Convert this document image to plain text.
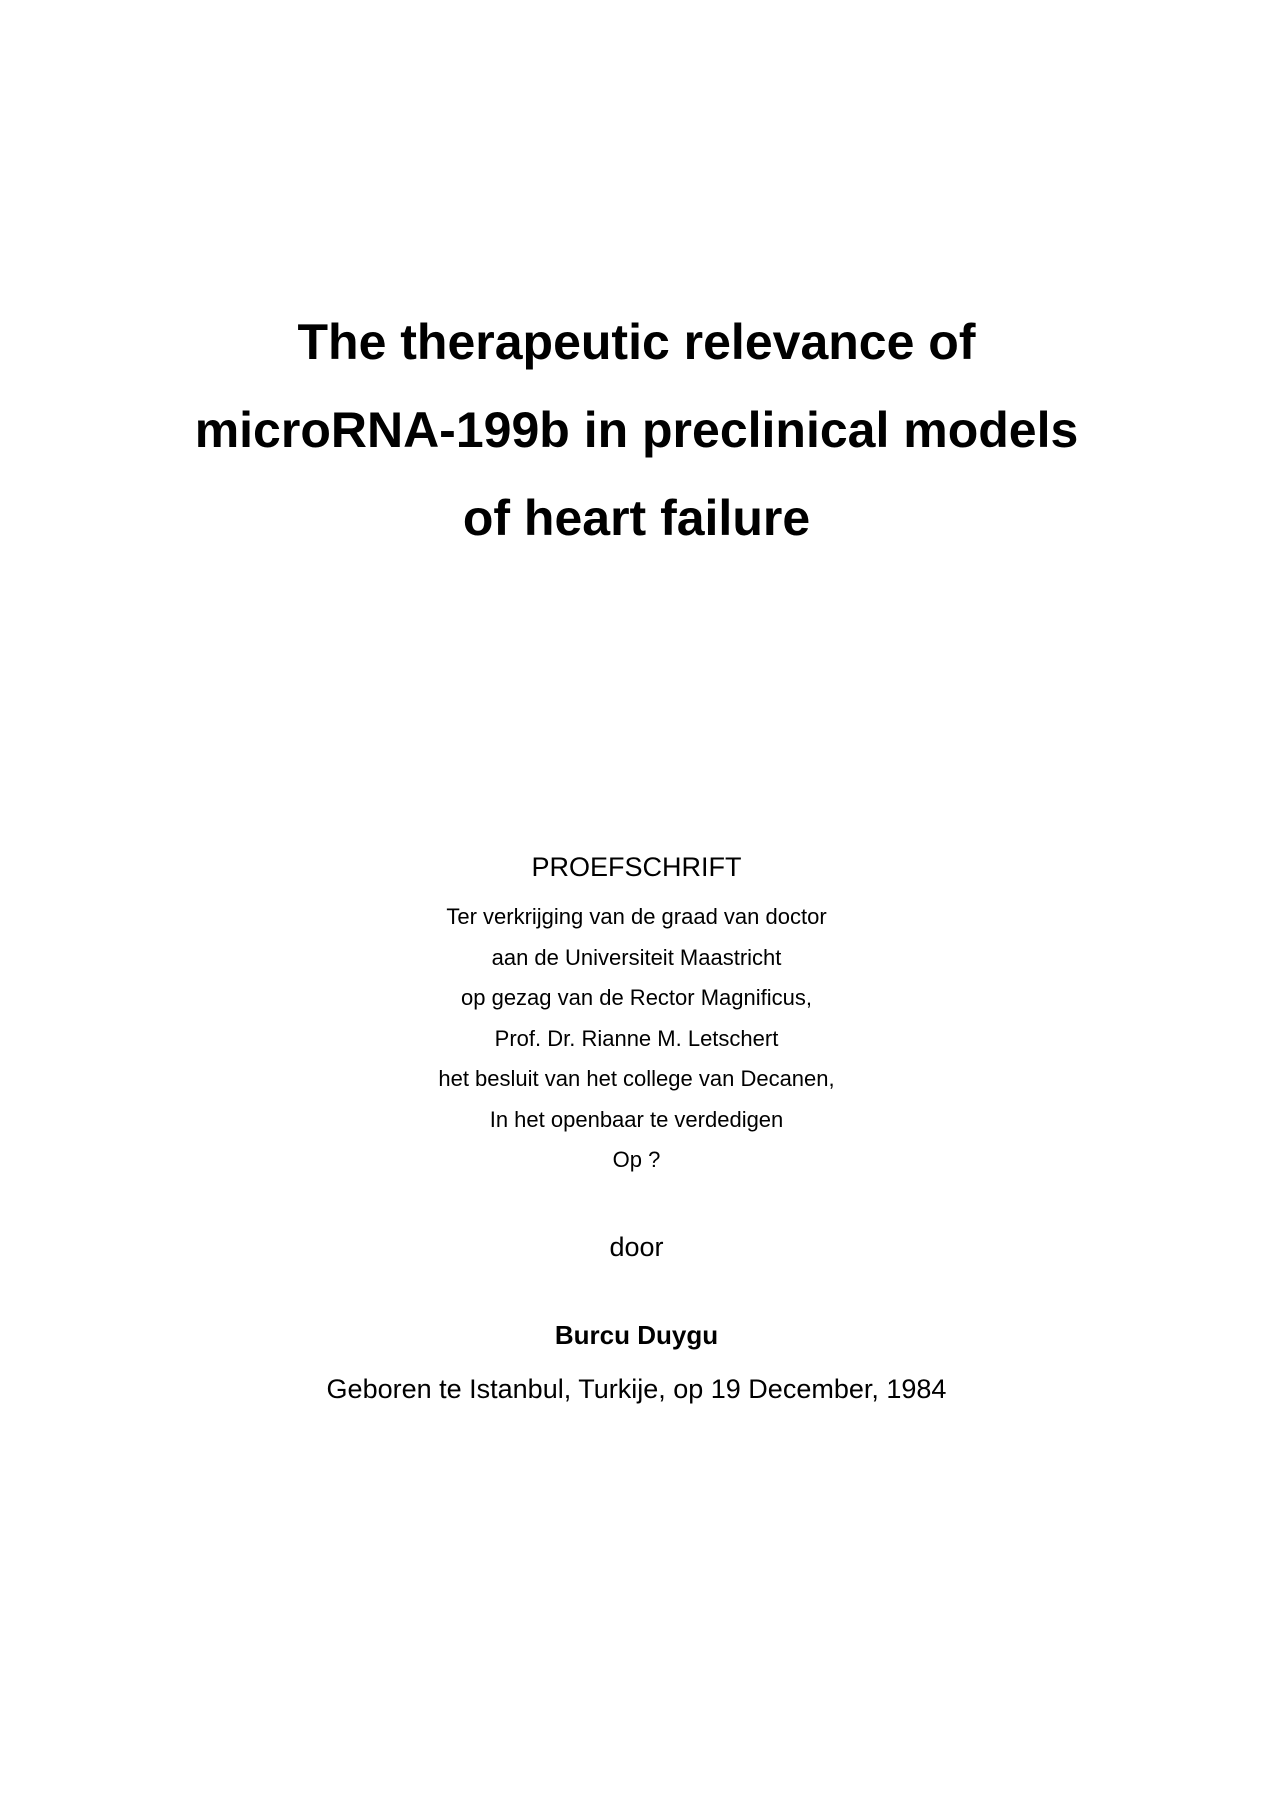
The therapeutic relevance of
microRNA-199b in preclinical models
of heart failure
PROEFSCHRIFT
Ter verkrijging van de graad van doctor
aan de Universiteit Maastricht
op gezag van de Rector Magnificus,
Prof. Dr. Rianne M. Letschert
het besluit van het college van Decanen,
In het openbaar te verdedigen
Op ?
door
Burcu Duygu
Geboren te Istanbul, Turkije, op 19 December, 1984
